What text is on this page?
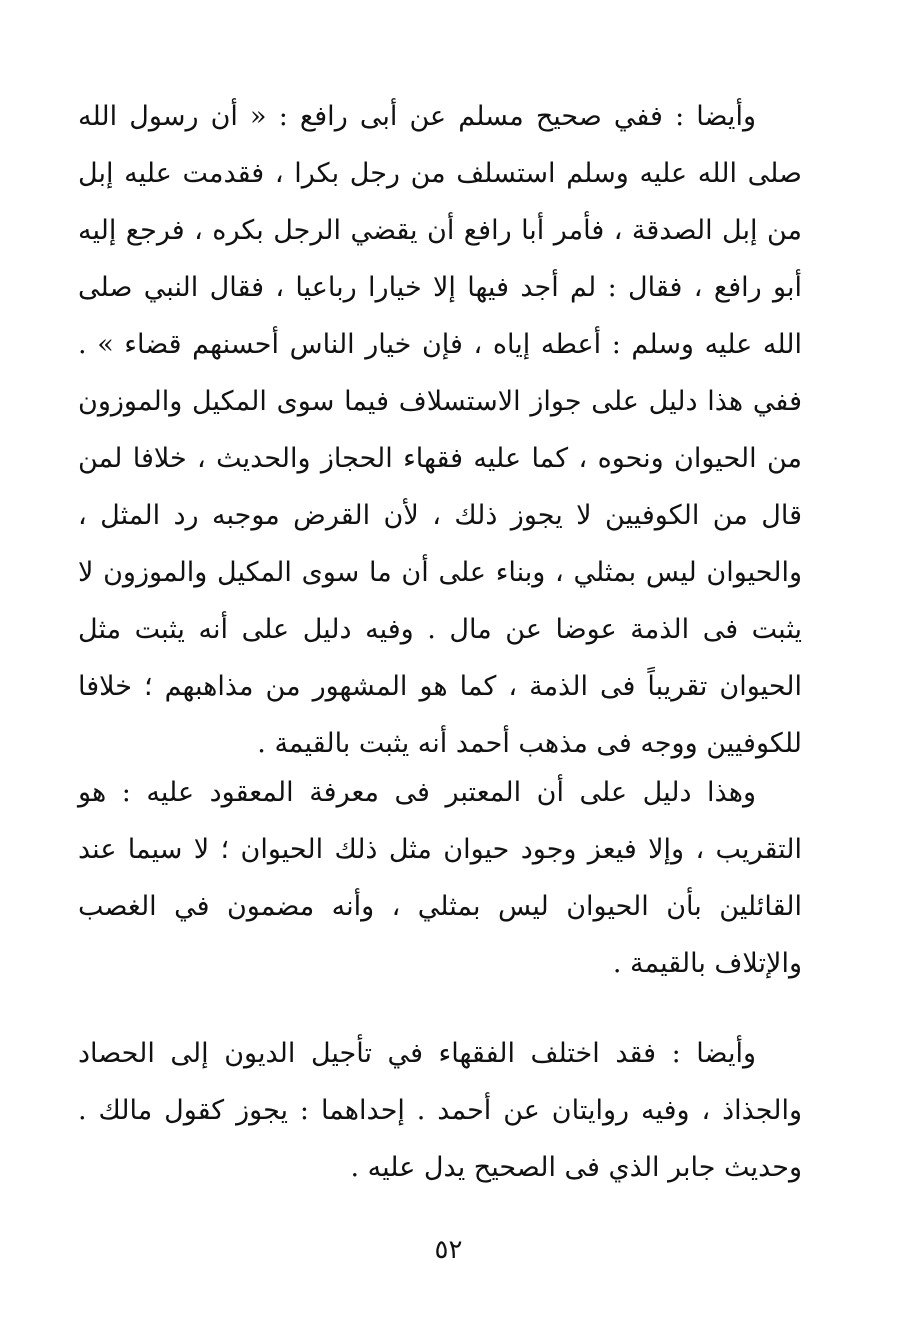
وأيضا : ففي صحيح مسلم عن أبى رافع : « أن رسول الله صلى الله عليه وسلم استسلف من رجل بكرا ، فقدمت عليه إبل من إبل الصدقة ، فأمر أبا رافع أن يقضي الرجل بكره ، فرجع إليه أبو رافع ، فقال : لم أجد فيها إلا خيارا رباعيا ، فقال النبي صلى الله عليه وسلم : أعطه إياه ، فإن خيار الناس أحسنهم قضاء » . ففي هذا دليل على جواز الاستسلاف فيما سوى المكيل والموزون من الحيوان ونحوه ، كما عليه فقهاء الحجاز والحديث ، خلافا لمن قال من الكوفيين لا يجوز ذلك ، لأن القرض موجبه رد المثل ، والحيوان ليس بمثلي ، وبناء على أن ما سوى المكيل والموزون لا يثبت فى الذمة عوضا عن مال . وفيه دليل على أنه يثبت مثل الحيوان تقريباً فى الذمة ، كما هو المشهور من مذاهبهم ؛ خلافا للكوفيين ووجه فى مذهب أحمد أنه يثبت بالقيمة .

وهذا دليل على أن المعتبر فى معرفة المعقود عليه : هو التقريب ، وإلا فيعز وجود حيوان مثل ذلك الحيوان ؛ لا سيما عند القائلين بأن الحيوان ليس بمثلي ، وأنه مضمون في الغصب والإتلاف بالقيمة .

وأيضا : فقد اختلف الفقهاء في تأجيل الديون إلى الحصاد والجذاذ ، وفيه روايتان عن أحمد . إحداهما : يجوز كقول مالك . وحديث جابر الذي فى الصحيح يدل عليه .

٥٢
